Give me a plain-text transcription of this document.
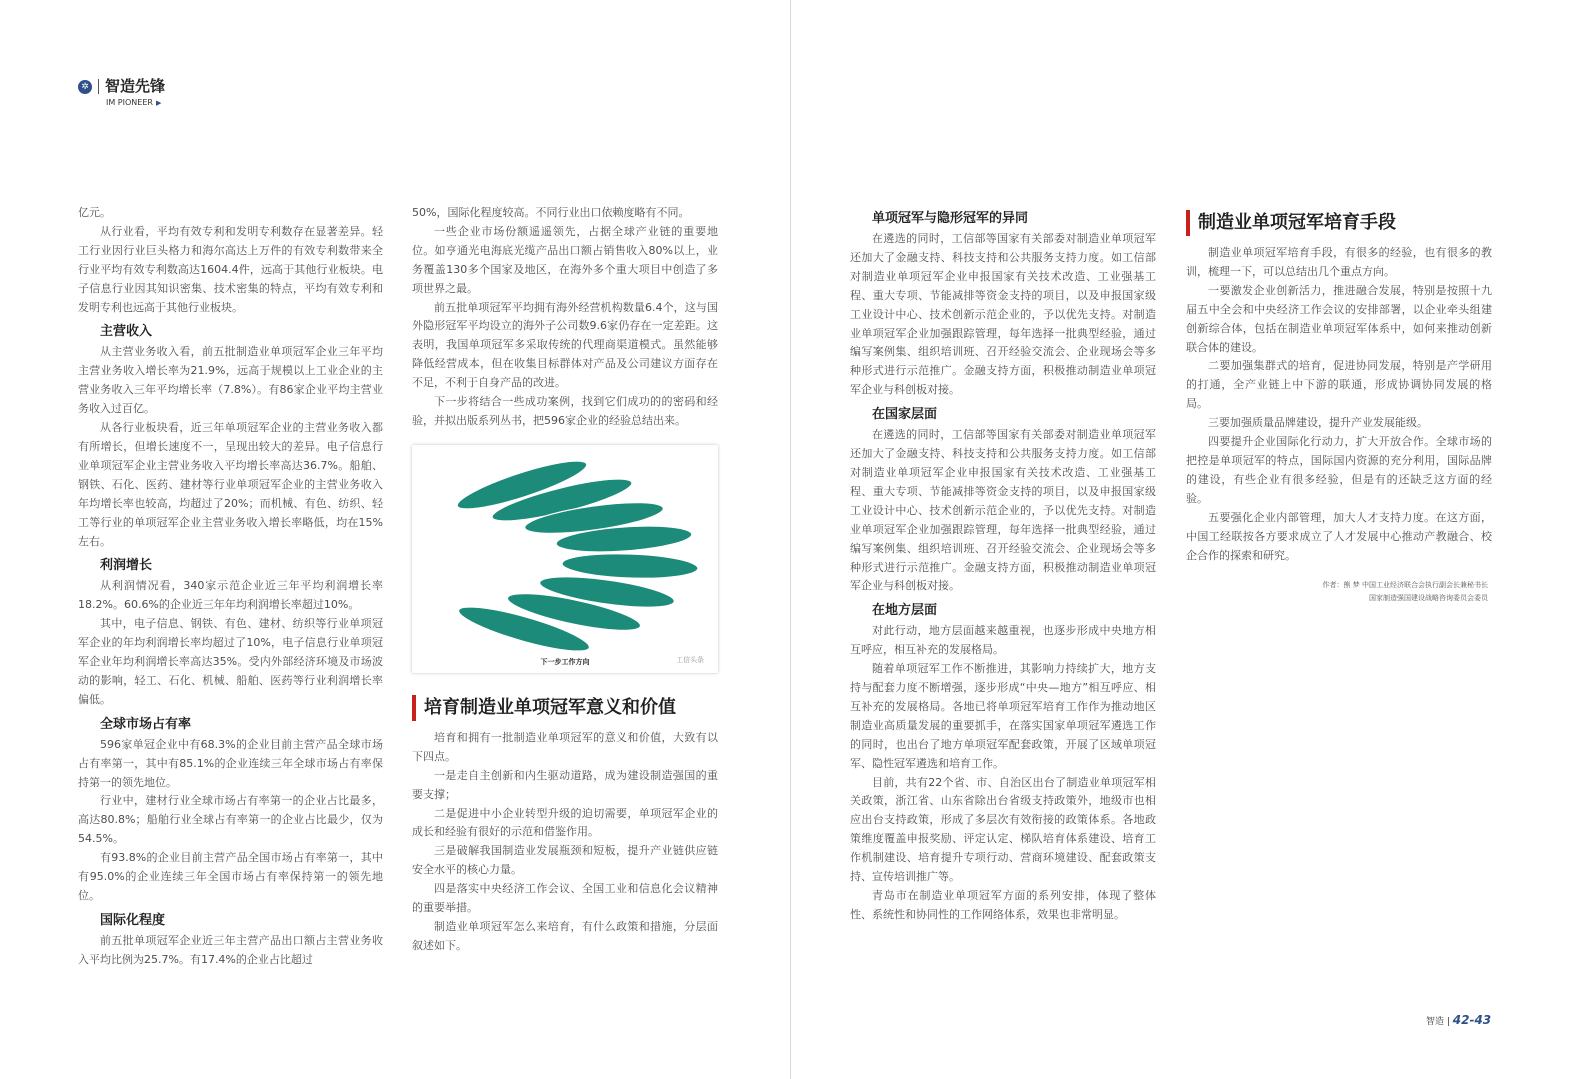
✲ 智造先锋
IM PIONEER ▶

亿元。

从行业看，平均有效专利和发明专利数存在显著差异。轻工行业因行业巨头格力和海尔高达上万件的有效专利数带来全行业平均有效专利数高达1604.4件，远高于其他行业板块。电子信息行业因其知识密集、技术密集的特点，平均有效专利和发明专利也远高于其他行业板块。

主营收入

从主营业务收入看，前五批制造业单项冠军企业三年平均主营业务收入增长率为21.9%，远高于规模以上工业企业的主营业务收入三年平均增长率（7.8%）。有86家企业平均主营业务收入过百亿。

从各行业板块看，近三年单项冠军企业的主营业务收入都有所增长，但增长速度不一，呈现出较大的差异。电子信息行业单项冠军企业主营业务收入平均增长率高达36.7%。船舶、钢铁、石化、医药、建材等行业单项冠军企业的主营业务收入年均增长率也较高，均超过了20%；而机械、有色、纺织、轻工等行业的单项冠军企业主营业务收入增长率略低，均在15%左右。

利润增长

从利润情况看，340家示范企业近三年平均利润增长率18.2%。60.6%的企业近三年年均利润增长率超过10%。

其中，电子信息、钢铁、有色、建材、纺织等行业单项冠军企业的年均利润增长率均超过了10%，电子信息行业单项冠军企业年均利润增长率高达35%。受内外部经济环境及市场波动的影响，轻工、石化、机械、船舶、医药等行业利润增长率偏低。

全球市场占有率

596家单冠企业中有68.3%的企业目前主营产品全球市场占有率第一，其中有85.1%的企业连续三年全球市场占有率保持第一的领先地位。

行业中，建材行业全球市场占有率第一的企业占比最多，高达80.8%；船舶行业全球占有率第一的企业占比最少，仅为54.5%。

有93.8%的企业目前主营产品全国市场占有率第一，其中有95.0%的企业连续三年全国市场占有率保持第一的领先地位。

国际化程度

前五批单项冠军企业近三年主营产品出口额占主营业务收入平均比例为25.7%。有17.4%的企业占比超过

50%，国际化程度较高。不同行业出口依赖度略有不同。

一些企业市场份额遥遥领先，占据全球产业链的重要地位。如亨通光电海底光缆产品出口额占销售收入80%以上，业务覆盖130多个国家及地区，在海外多个重大项目中创造了多项世界之最。

前五批单项冠军平均拥有海外经营机构数量6.4个，这与国外隐形冠军平均设立的海外子公司数9.6家仍存在一定差距。这表明，我国单项冠军多采取传统的代理商渠道模式。虽然能够降低经营成本，但在收集目标群体对产品及公司建议方面存在不足，不利于自身产品的改进。

下一步将结合一些成功案例，找到它们成功的的密码和经验，并拟出版系列丛书，把596家企业的经验总结出来。

下一步工作方向	工信头条
培育制造业单项冠军意义和价值

培育和拥有一批制造业单项冠军的意义和价值，大致有以下四点。

一是走自主创新和内生驱动道路，成为建设制造强国的重要支撑；

二是促进中小企业转型升级的迫切需要，单项冠军企业的成长和经验有很好的示范和借鉴作用。

三是破解我国制造业发展瓶颈和短板，提升产业链供应链安全水平的核心力量。

四是落实中央经济工作会议、全国工业和信息化会议精神的重要举措。

制造业单项冠军怎么来培育，有什么政策和措施，分层面叙述如下。

单项冠军与隐形冠军的异同

在遴选的同时，工信部等国家有关部委对制造业单项冠军还加大了金融支持、科技支持和公共服务支持力度。如工信部对制造业单项冠军企业申报国家有关技术改造、工业强基工程、重大专项、节能减排等资金支持的项目，以及申报国家级工业设计中心、技术创新示范企业的，予以优先支持。对制造业单项冠军企业加强跟踪管理，每年选择一批典型经验，通过编写案例集、组织培训班、召开经验交流会、企业现场会等多种形式进行示范推广。金融支持方面，积极推动制造业单项冠军企业与科创板对接。

在国家层面

在遴选的同时，工信部等国家有关部委对制造业单项冠军还加大了金融支持、科技支持和公共服务支持力度。如工信部对制造业单项冠军企业申报国家有关技术改造、工业强基工程、重大专项、节能减排等资金支持的项目，以及申报国家级工业设计中心、技术创新示范企业的，予以优先支持。对制造业单项冠军企业加强跟踪管理，每年选择一批典型经验，通过编写案例集、组织培训班、召开经验交流会、企业现场会等多种形式进行示范推广。金融支持方面，积极推动制造业单项冠军企业与科创板对接。

在地方层面

对此行动，地方层面越来越重视，也逐步形成中央地方相互呼应，相互补充的发展格局。

随着单项冠军工作不断推进，其影响力持续扩大，地方支持与配套力度不断增强，逐步形成“中央—地方”相互呼应、相互补充的发展格局。各地已将单项冠军培育工作作为推动地区制造业高质量发展的重要抓手，在落实国家单项冠军遴选工作的同时，也出台了地方单项冠军配套政策，开展了区域单项冠军、隐性冠军遴选和培育工作。

目前，共有22个省、市、自治区出台了制造业单项冠军相关政策，浙江省、山东省除出台省级支持政策外，地级市也相应出台支持政策，形成了多层次有效衔接的政策体系。各地政策维度覆盖申报奖励、评定认定、梯队培育体系建设、培育工作机制建设、培育提升专项行动、营商环境建设、配套政策支持、宣传培训推广等。

青岛市在制造业单项冠军方面的系列安排，体现了整体性、系统性和协同性的工作网络体系，效果也非常明显。

制造业单项冠军培育手段

制造业单项冠军培育手段，有很多的经验，也有很多的教训，梳理一下，可以总结出几个重点方向。

一要激发企业创新活力，推进融合发展，特别是按照十九届五中全会和中央经济工作会议的安排部署，以企业牵头组建创新综合体，包括在制造业单项冠军体系中，如何来推动创新联合体的建设。

二要加强集群式的培育，促进协同发展，特别是产学研用的打通，全产业链上中下游的联通，形成协调协同发展的格局。

三要加强质量品牌建设，提升产业发展能级。

四要提升企业国际化行动力，扩大开放合作。全球市场的把控是单项冠军的特点，国际国内资源的充分利用，国际品牌的建设，有些企业有很多经验，但是有的还缺乏这方面的经验。

五要强化企业内部管理，加大人才支持力度。在这方面，中国工经联按各方要求成立了人才发展中心推动产教融合、校企合作的探索和研究。

作者：熊 梦 中国工业经济联合会执行副会长兼秘书长
国家制造强国建设战略咨询委员会委员
智造 | 42-43
